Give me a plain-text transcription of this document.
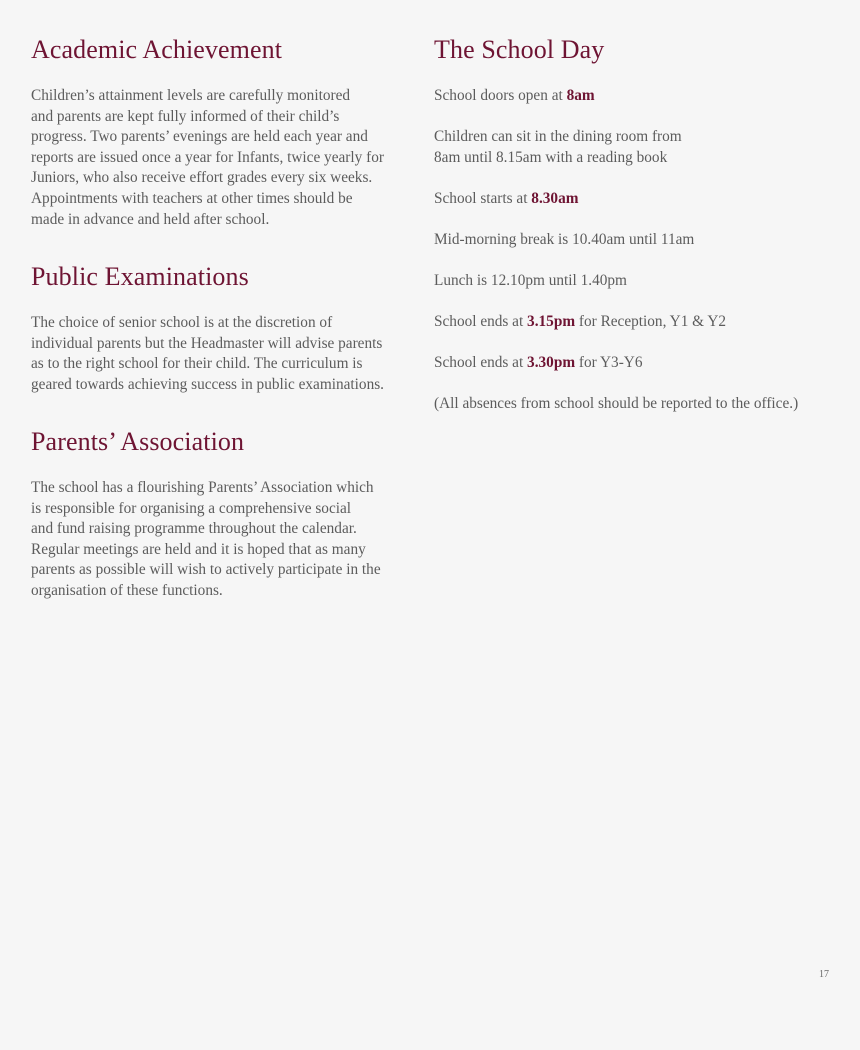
Academic Achievement
Children’s attainment levels are carefully monitored
and parents are kept fully informed of their child’s
progress. Two parents’ evenings are held each year and
reports are issued once a year for Infants, twice yearly for
Juniors, who also receive effort grades every six weeks.
Appointments with teachers at other times should be
made in advance and held after school.
Public Examinations
The choice of senior school is at the discretion of
individual parents but the Headmaster will advise parents
as to the right school for their child. The curriculum is
geared towards achieving success in public examinations.
Parents’ Association
The school has a flourishing Parents’ Association which
is responsible for organising a comprehensive social
and fund raising programme throughout the calendar.
Regular meetings are held and it is hoped that as many
parents as possible will wish to actively participate in the
organisation of these functions.
The School Day
School doors open at 8am
Children can sit in the dining room from
8am until 8.15am with a reading book
School starts at 8.30am
Mid-morning break is 10.40am until 11am
Lunch is 12.10pm until 1.40pm
School ends at 3.15pm for Reception, Y1 & Y2
School ends at 3.30pm for Y3-Y6
(All absences from school should be reported to the office.)
17
